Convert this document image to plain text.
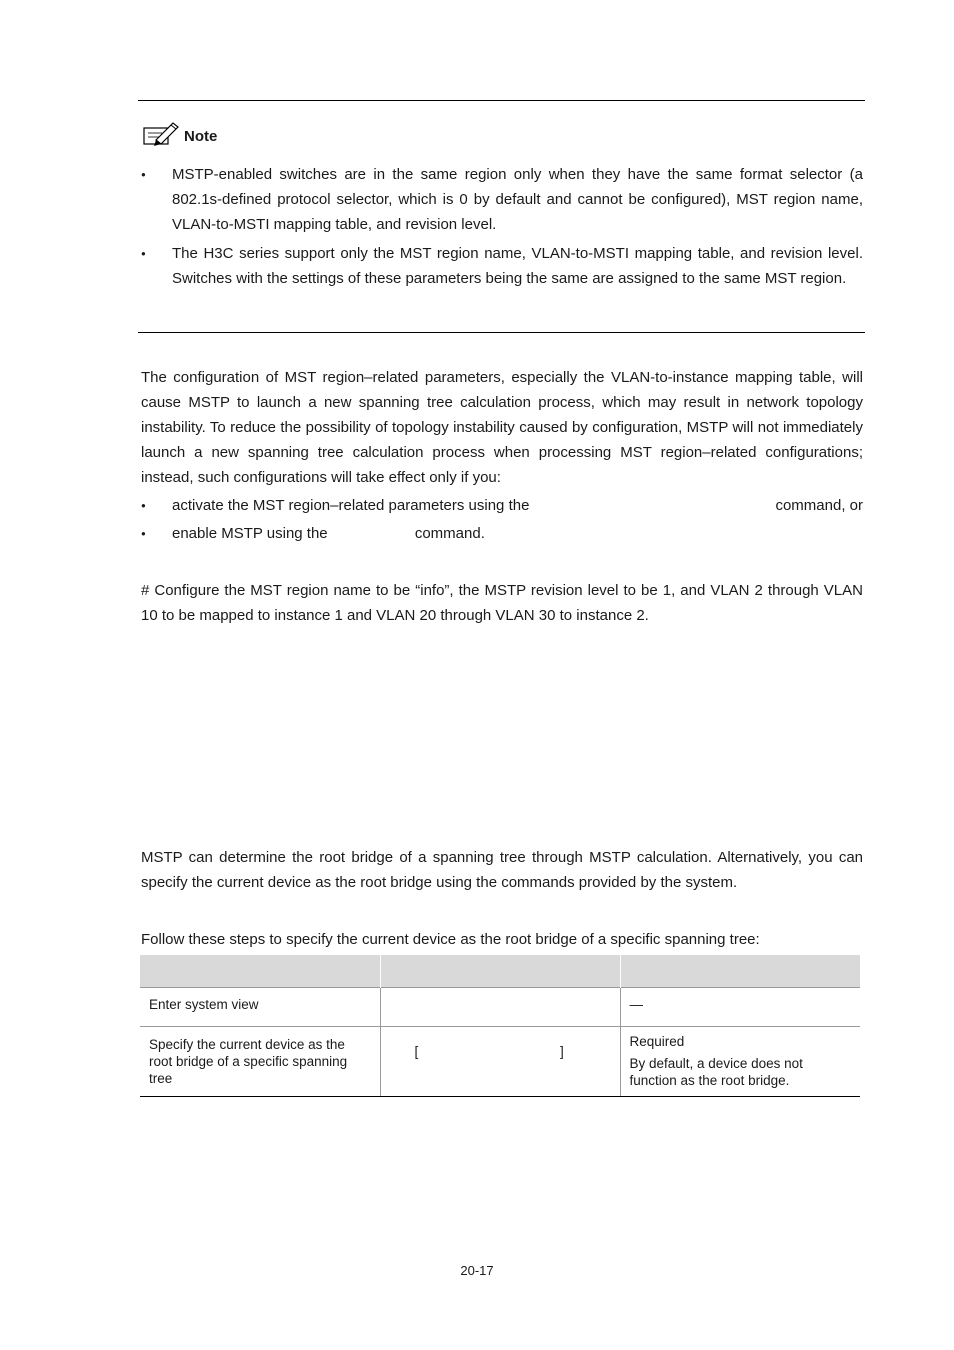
Note
● MSTP-enabled switches are in the same region only when they have the same format selector (a 802.1s-defined protocol selector, which is 0 by default and cannot be configured), MST region name, VLAN-to-MSTI mapping table, and revision level.
● The H3C series support only the MST region name, VLAN-to-MSTI mapping table, and revision level. Switches with the settings of these parameters being the same are assigned to the same MST region.

The configuration of MST region–related parameters, especially the VLAN-to-instance mapping table, will cause MSTP to launch a new spanning tree calculation process, which may result in network topology instability. To reduce the possibility of topology instability caused by configuration, MSTP will not immediately launch a new spanning tree calculation process when processing MST region–related configurations; instead, such configurations will take effect only if you:

● activate the MST region–related parameters using the	command, or
● enable MSTP using the	command.

# Configure the MST region name to be “info”, the MSTP revision level to be 1, and VLAN 2 through VLAN 10 to be mapped to instance 1 and VLAN 20 through VLAN 30 to instance 2.

MSTP can determine the root bridge of a spanning tree through MSTP calculation. Alternatively, you can specify the current device as the root bridge using the commands provided by the system.

Follow these steps to specify the current device as the root bridge of a specific spanning tree:

Enter system view		—
Specify the current device as the root bridge of a specific spanning tree	[ ]	Required
By default, a device does not function as the root bridge.
20-17
